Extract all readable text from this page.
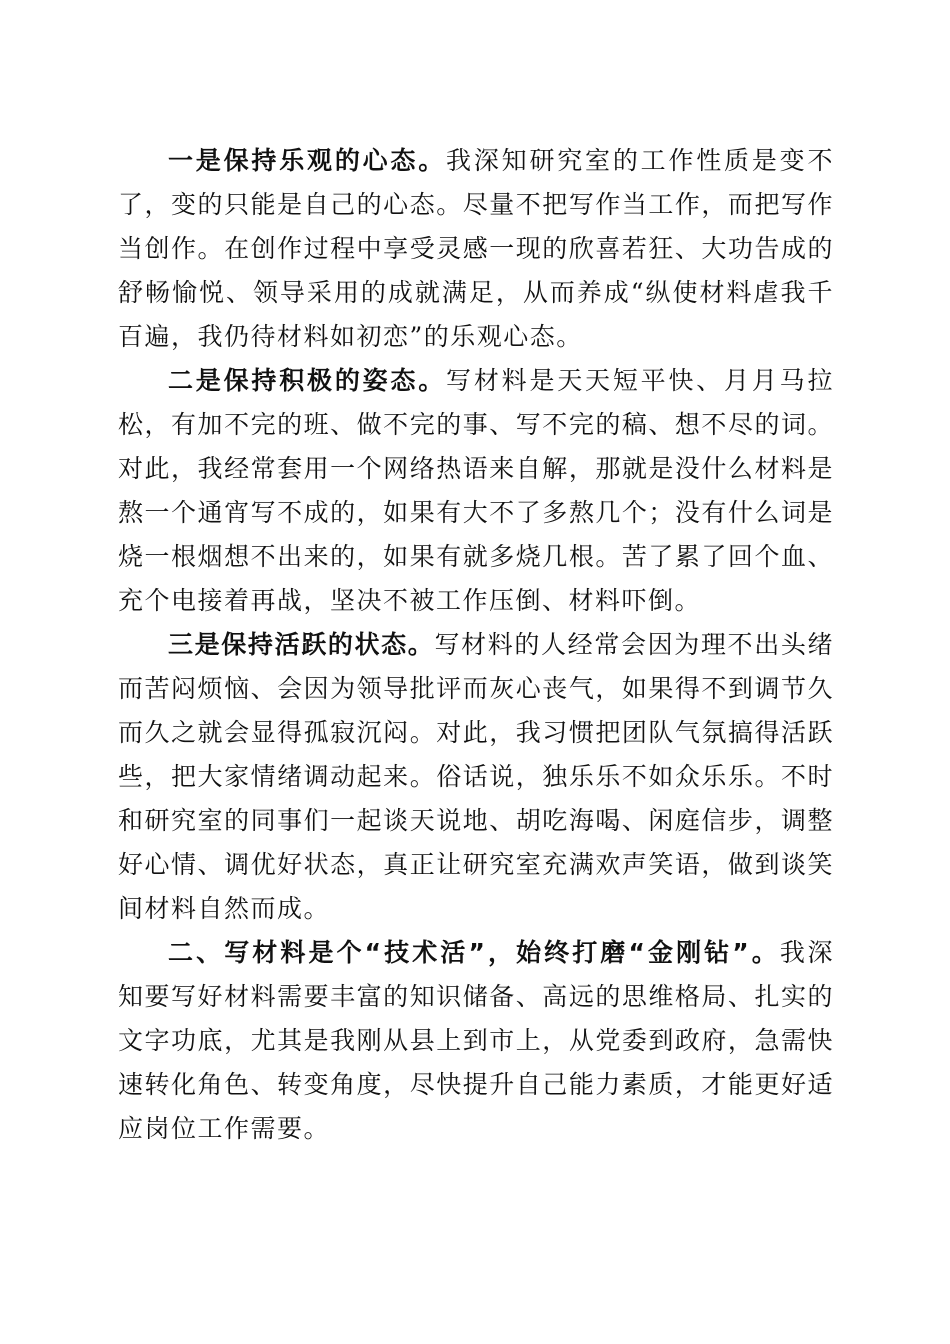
一是保持乐观的心态。我深知研究室的工作性质是变不了，变的只能是自己的心态。尽量不把写作当工作，而把写作当创作。在创作过程中享受灵感一现的欣喜若狂、大功告成的舒畅愉悦、领导采用的成就满足，从而养成“纵使材料虐我千百遍，我仍待材料如初恋”的乐观心态。

二是保持积极的姿态。写材料是天天短平快、月月马拉松，有加不完的班、做不完的事、写不完的稿、想不尽的词。对此，我经常套用一个网络热语来自解，那就是没什么材料是熬一个通宵写不成的，如果有大不了多熬几个；没有什么词是烧一根烟想不出来的，如果有就多烧几根。苦了累了回个血、充个电接着再战，坚决不被工作压倒、材料吓倒。

三是保持活跃的状态。写材料的人经常会因为理不出头绪而苦闷烦恼、会因为领导批评而灰心丧气，如果得不到调节久而久之就会显得孤寂沉闷。对此，我习惯把团队气氛搞得活跃些，把大家情绪调动起来。俗话说，独乐乐不如众乐乐。不时和研究室的同事们一起谈天说地、胡吃海喝、闲庭信步，调整好心情、调优好状态，真正让研究室充满欢声笑语，做到谈笑间材料自然而成。

二、写材料是个“技术活”，始终打磨“金刚钻”。我深知要写好材料需要丰富的知识储备、高远的思维格局、扎实的文字功底，尤其是我刚从县上到市上，从党委到政府，急需快速转化角色、转变角度，尽快提升自己能力素质，才能更好适应岗位工作需要。
